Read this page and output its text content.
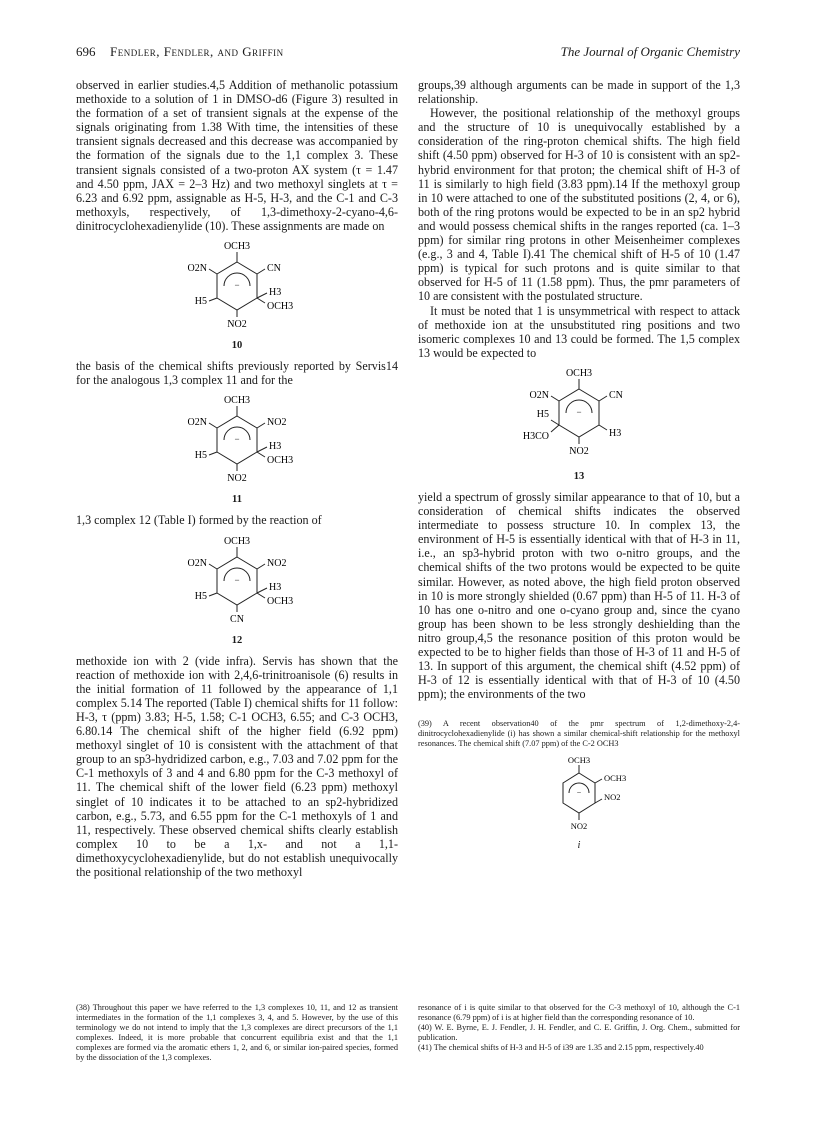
696 Fendler, Fendler, and Griffin	The Journal of Organic Chemistry

observed in earlier studies.4,5 Addition of methanolic potassium methoxide to a solution of 1 in DMSO-d6 (Figure 3) resulted in the formation of a set of transient signals at the expense of the signals originating from 1.38 With time, the intensities of these transient signals decreased and this decrease was accompanied by the formation of the signals due to the 1,1 complex 3. These transient signals consisted of a two-proton AX system (τ = 1.47 and 4.50 ppm, JAX = 2–3 Hz) and two methoxyl singlets at τ = 6.23 and 6.92 ppm, assignable as H-5, H-3, and the C-1 and C-3 methoxyls, respectively, of 1,3-dimethoxy-2-cyano-4,6-dinitrocyclohexadienylide (10). These assignments are made on

−
OCH3
O2N	CN
H3
H5	OCH3
NO2
10

the basis of the chemical shifts previously reported by Servis14 for the analogous 1,3 complex 11 and for the

−
OCH3
O2N	NO2
H3
H5	OCH3
NO2
11

1,3 complex 12 (Table I) formed by the reaction of

−
OCH3
O2N	NO2
H3
H5	OCH3
CN
12

methoxide ion with 2 (vide infra). Servis has shown that the reaction of methoxide ion with 2,4,6-trinitroanisole (6) results in the initial formation of 11 followed by the appearance of 1,1 complex 5.14 The reported (Table I) chemical shifts for 11 follow: H-3, τ (ppm) 3.83; H-5, 1.58; C-1 OCH3, 6.55; and C-3 OCH3, 6.80.14 The chemical shift of the higher field (6.92 ppm) methoxyl singlet of 10 is consistent with the attachment of that group to an sp3-hydridized carbon, e.g., 7.03 and 7.02 ppm for the C-1 methoxyls of 3 and 4 and 6.80 ppm for the C-3 methoxyl of 11. The chemical shift of the lower field (6.23 ppm) methoxyl singlet of 10 indicates it to be attached to an sp2-hybridized carbon, e.g., 5.73, and 6.55 ppm for the C-1 methoxyls of 1 and 11, respectively. These observed chemical shifts clearly establish complex 10 to be a 1,x- and not a 1,1-dimethoxycyclohexadienylide, but do not establish unequivocally the positional relationship of the two methoxyl

groups,39 although arguments can be made in support of the 1,3 relationship.

However, the positional relationship of the methoxyl groups and the structure of 10 is unequivocally established by a consideration of the ring-proton chemical shifts. The high field shift (4.50 ppm) observed for H-3 of 10 is consistent with an sp2-hybrid environment for that proton; the chemical shift of H-3 of 11 is similarly to high field (3.83 ppm).14 If the methoxyl group in 10 were attached to one of the substituted positions (2, 4, or 6), both of the ring protons would be expected to be in an sp2 hybrid and would possess chemical shifts in the ranges reported (ca. 1–3 ppm) for similar ring protons in other Meisenheimer complexes (e.g., 3 and 4, Table I).41 The chemical shift of H-5 of 10 (1.47 ppm) is typical for such protons and is quite similar to that observed for H-5 of 11 (1.58 ppm). Thus, the pmr parameters of 10 are consistent with the postulated structure.

It must be noted that 1 is unsymmetrical with respect to attack of methoxide ion at the unsubstituted ring positions and two isomeric complexes 10 and 13 could be formed. The 1,5 complex 13 would be expected to

−
OCH3
O2N	CN
H5
H3CO	H3
NO2
13

yield a spectrum of grossly similar appearance to that of 10, but a consideration of chemical shifts indicates the observed intermediate to possess structure 10. In complex 13, the environment of H-5 is essentially identical with that of H-3 in 11, i.e., an sp3-hybrid proton with two o-nitro groups, and the chemical shifts of the two protons would be expected to be quite similar. However, as noted above, the high field proton observed in 10 is more strongly shielded (0.67 ppm) than H-5 of 11. H-3 of 10 has one o-nitro and one o-cyano group and, since the cyano group has been shown to be less strongly deshielding than the nitro group,4,5 the resonance position of this proton would be expected to be to higher fields than those of H-3 of 11 and H-5 of 13. In support of this argument, the chemical shift (4.52 ppm) of H-3 of 12 is essentially identical with that of H-3 of 10 (4.50 ppm); the environments of the two

(39) A recent observation40 of the pmr spectrum of 1,2-dimethoxy-2,4-dinitrocyclohexadienylide (i) has shown a similar chemical-shift relationship for the methoxyl resonances. The chemical shift (7.07 ppm) of the C-2 OCH3

−
OCH3
OCH3
NO2
NO2
i

(38) Throughout this paper we have referred to the 1,3 complexes 10, 11, and 12 as transient intermediates in the formation of the 1,1 complexes 3, 4, and 5. However, by the use of this terminology we do not intend to imply that the 1,3 complexes are direct precursors of the 1,1 complexes. Indeed, it is more probable that concurrent equilibria exist and that the 1,1 complexes are formed via the aromatic ethers 1, 2, and 6, or similar ion-paired species, formed by the dissociation of the 1,3 complexes.

resonance of i is quite similar to that observed for the C-3 methoxyl of 10, although the C-1 resonance (6.79 ppm) of i is at higher field than the corresponding resonance of 10.

(40) W. E. Byrne, E. J. Fendler, J. H. Fendler, and C. E. Griffin, J. Org. Chem., submitted for publication.

(41) The chemical shifts of H-3 and H-5 of i39 are 1.35 and 2.15 ppm, respectively.40
